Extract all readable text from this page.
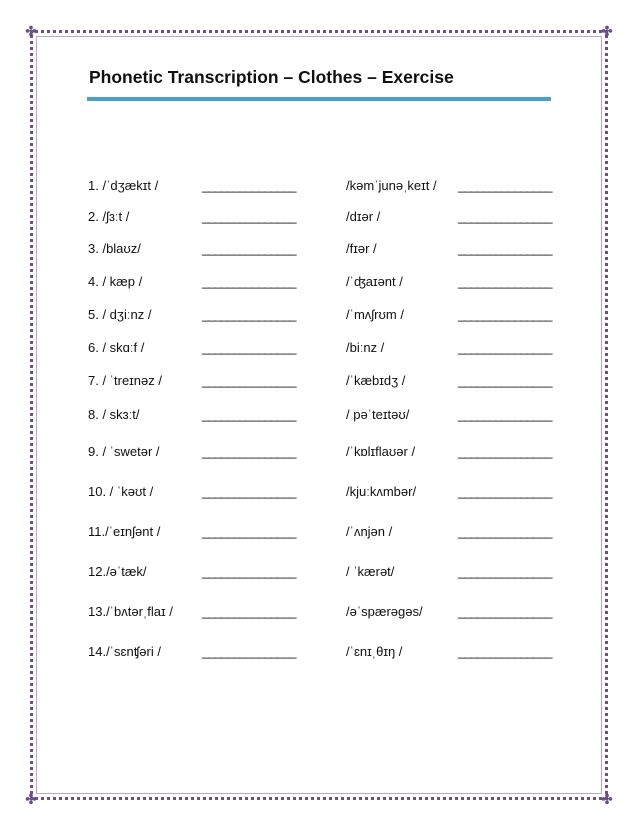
✤	✤
✤	✤
Phonetic Transcription – Clothes – Exercise
1. /ˈdʒækɪt /	_______________	/kəmˈjunəˌkeɪt / _______________
2. /ʃɜːt /	_______________	/dɪər /	_______________
3. /blaʊz/	_______________	/fɪər /	_______________
4. / kæp /	_______________	/ˈʤaɪənt /	_______________
5. / dʒiːnz /	_______________	/ˈmʌʃrʊm /	_______________
6. / skɑːf /	_______________	/biːnz /	_______________
7. / ˈtreɪnəz /	_______________	/ˈkæbɪdʒ /	_______________
8. / skɜːt/	_______________	/ pəˈteɪtəʊ/	_______________
9. / ˈswetər /	_______________	/ˈkɒlɪflaʊər /	_______________
10. / ˈkəʊt /	_______________	/kjuːkʌmbər/	_______________
11./ˈeɪnʃənt /	_______________	/ˈʌnjən /	_______________
12./əˈtæk/	_______________	/ ˈkærət/	_______________
13./ˈbʌtərˌflaɪ / _______________	/əˈspærəgəs/	_______________
14./ˈsɛnʧəri /	_______________	/ˈɛnɪˌθɪŋ /	_______________
